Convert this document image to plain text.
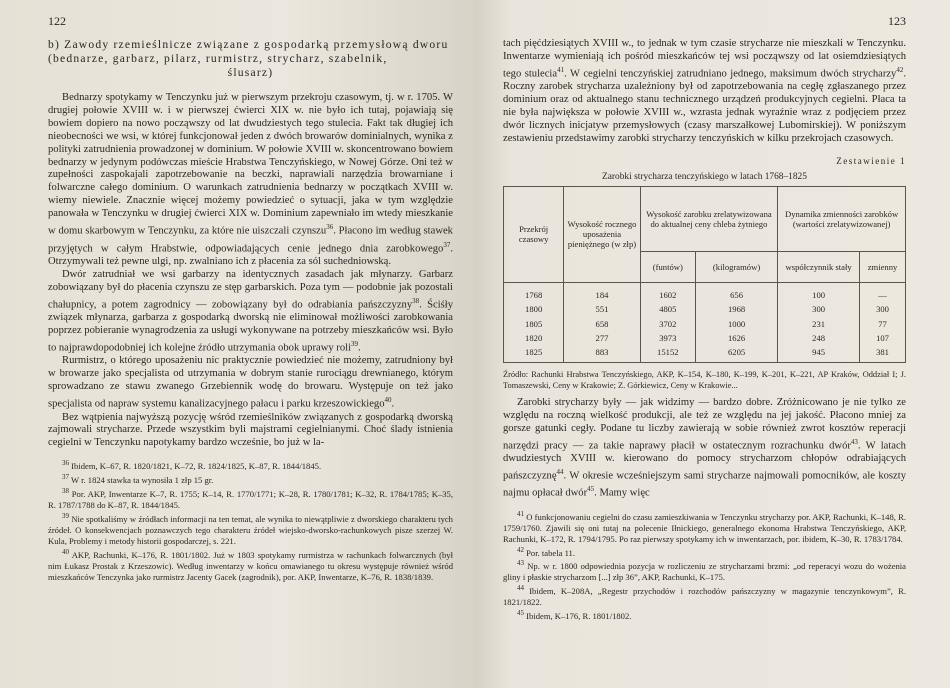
122
b) Zawody rzemieślnicze związane z gospodarką przemysłową dworu (bednarze, garbarz, pilarz, rurmistrz, strycharz, szabelnik,
ślusarz)

Bednarzy spotykamy w Tenczynku już w pierwszym przekroju czasowym, tj. w r. 1705. W drugiej połowie XVIII w. i w pierwszej ćwierci XIX w. nie było ich tutaj, pojawiają się bowiem dopiero na nowo począwszy od lat dwudziestych tego stulecia. Fakt tak długiej ich nieobecności we wsi, w której funkcjonował jeden z dwóch browarów dominialnych, wynika z polityki zatrudnienia prowadzonej w dominium. W połowie XVIII w. skoncentrowano bowiem bednarzy w jedynym podówczas mieście Hrabstwa Tenczyńskiego, w Nowej Górze. Oni też w zupełności zaspokajali zapotrzebowanie na beczki, naprawiali narzędzia browarniane i folwarczne całego dominium. O warunkach zatrudnienia bednarzy w początkach XVIII w. wiemy niewiele. Znacznie więcej możemy powiedzieć o sytuacji, jaka w tym względzie panowała w Tenczynku w drugiej ćwierci XIX w. Dominium zapewniało im wtedy mieszkanie w domu skarbowym w Tenczynku, za które nie uiszczali czynszu$^{36}$. Płacono im według stawek przyjętych w całym Hrabstwie, odpowiadających cenie jednego dnia zarobkowego$^{37}$. Otrzymywali też pewne ulgi, np. zwalniano ich z płacenia za sól suchedniowską.

Dwór zatrudniał we wsi garbarzy na identycznych zasadach jak młynarzy. Garbarz zobowiązany był do płacenia czynszu ze stęp garbarskich. Poza tym — podobnie jak pozostali chałupnicy, a potem zagrodnicy — zobowiązany był do odrabiania pańszczyzny$^{38}$. Ściśły związek młynarza, garbarza z gospodarką dworską nie eliminował możliwości zarobkowania poprzez pobieranie wynagrodzenia za usługi wykonywane na potrzeby mieszkańców wsi. Było to najprawdopodobniej ich kolejne źródło utrzymania obok uprawy roli$^{39}$.

Rurmistrz, o którego uposażeniu nic praktycznie powiedzieć nie możemy, zatrudniony był w browarze jako specjalista od utrzymania w dobrym stanie rurociągu drewnianego, którym sprowadzano ze stawu zwanego Grzebiennik wodę do browaru. Występuje on też jako specjalista od napraw systemu kanalizacyjnego pałacu i parku krzeszowickiego$^{40}$.

Bez wątpienia najwyższą pozycję wśród rzemieślników związanych z gospodarką dworską zajmowali strycharze. Przede wszystkim byli majstrami cegielnianymi. Choć ślady istnienia cegielni w Tenczynku napotykamy bardzo wcześnie, bo już w la-

$^{36}$ Ibidem, K–67, R. 1820/1821, K–72, R. 1824/1825, K–87, R. 1844/1845.

$^{37}$ W r. 1824 stawka ta wynosiła 1 złp 15 gr.

$^{38}$ Por. AKP, Inwentarze K–7, R. 1755; K–14, R. 1770/1771; K–28, R. 1780/1781; K–32, R. 1784/1785; K–35, R. 1787/1788 do K–87, R. 1844/1845.

$^{39}$ Nie spotkaliśmy w źródłach informacji na ten temat, ale wynika to niewątpliwie z dworskiego charakteru tych źródeł. O konsekwencjach poznawczych tego charakteru źródeł wiejsko-dworsko-rachunkowych pisze szerzej W. Kula, Problemy i metody historii gospodarczej, s. 221.

$^{40}$ AKP, Rachunki, K–176, R. 1801/1802. Już w 1803 spotykamy rurmistrza w rachunkach folwarcznych (był nim Łukasz Prostak z Krzeszowic). Według inwentarzy w końcu omawianego tu okresu występuje również wśród mieszkańców Tenczynka jako rurmistrz Jacenty Gacek (zagrodnik), por. AKP, Inwentarze, K–76, R. 1838/1839.

123

tach pięćdziesiątych XVIII w., to jednak w tym czasie strycharze nie mieszkali w Tenczynku. Inwentarze wymieniają ich pośród mieszkańców tej wsi począwszy od lat osiemdziesiątych tego stulecia$^{41}$. W cegielni tenczyńskiej zatrudniano jednego, maksimum dwóch strycharzy$^{42}$. Roczny zarobek strycharza uzależniony był od zapotrzebowania na cegłę zgłaszanego przez dominium oraz od aktualnego stanu technicznego urządzeń produkcyjnych cegielni. Płaca ta nie była największa w połowie XVIII w., wzrasta jednak wyraźnie wraz z podjęciem przez dwór licznych inicjatyw przemysłowych (czasy marszałkowej Lubomirskiej). W poniższym zestawieniu przedstawimy zarobki strycharzy tenczyńskich w kilku przekrojach czasowych.

Zestawienie 1
Zarobki strycharza tenczyńskiego w latach 1768–1825
Przekrój czasowy	Wysokość rocznego uposażenia pieniężnego (w złp)	Wysokość zarobku zrelatywizowana do aktualnej ceny chleba żytniego		Dynamika zmienności zarobków (wartości zrelatywizowanej)	
		(funtów)	(kilogramów)	współczynnik stały	zmienny
1768	184	1602	656	100	—
1800	551	4805	1968	300	300
1805	658	3702	1000	231	77
1820	277	3973	1626	248	107
1825	883	15152	6205	945	381

Źródło: Rachunki Hrabstwa Tenczyńskiego, AKP, K–154, K–180, K–199, K–201, K–221, AP Kraków, Oddział I; J. Tomaszewski, Ceny w Krakowie; Z. Górkiewicz, Ceny w Krakowie...

Zarobki strycharzy były — jak widzimy — bardzo dobre. Zróżnicowano je nie tylko ze względu na roczną wielkość produkcji, ale też ze względu na jej jakość. Płacono mniej za gorsze gatunki cegły. Podane tu liczby zawierają w sobie również zwrot kosztów reperacji narzędzi pracy — za takie naprawy płacił w ostatecznym rozrachunku dwór$^{43}$. W latach dwudziestych XVIII w. kierowano do pomocy strycharzom chłopów odrabiających pańszczyznę$^{44}$. W okresie wcześniejszym sami strycharze najmowali pomocników, ale koszty najmu opłacał dwór$^{45}$. Mamy więc

$^{41}$ O funkcjonowaniu cegielni do czasu zamieszkiwania w Tenczynku strycharzy por. AKP, Rachunki, K–148, R. 1759/1760. Zjawili się oni tutaj na polecenie Iłnickiego, generalnego ekonoma Hrabstwa Tenczyńskiego, AKP, Rachunki, K–172, R. 1794/1795. Po raz pierwszy spotykamy ich w inwentarzach, por. ibidem, K–30, R. 1783/1784.

$^{42}$ Por. tabela 11.

$^{43}$ Np. w r. 1800 odpowiednia pozycja w rozliczeniu ze strycharzami brzmi: „od reperacyi wozu do wożenia gliny i płaskie strycharzom [...] złp 36”, AKP, Rachunki, K–175.

$^{44}$ Ibidem, K–208A, „Regestr przychodów i rozchodów pańszczyzny w magazynie tenczynkowym”, R. 1821/1822.

$^{45}$ Ibidem, K–176, R. 1801/1802.
